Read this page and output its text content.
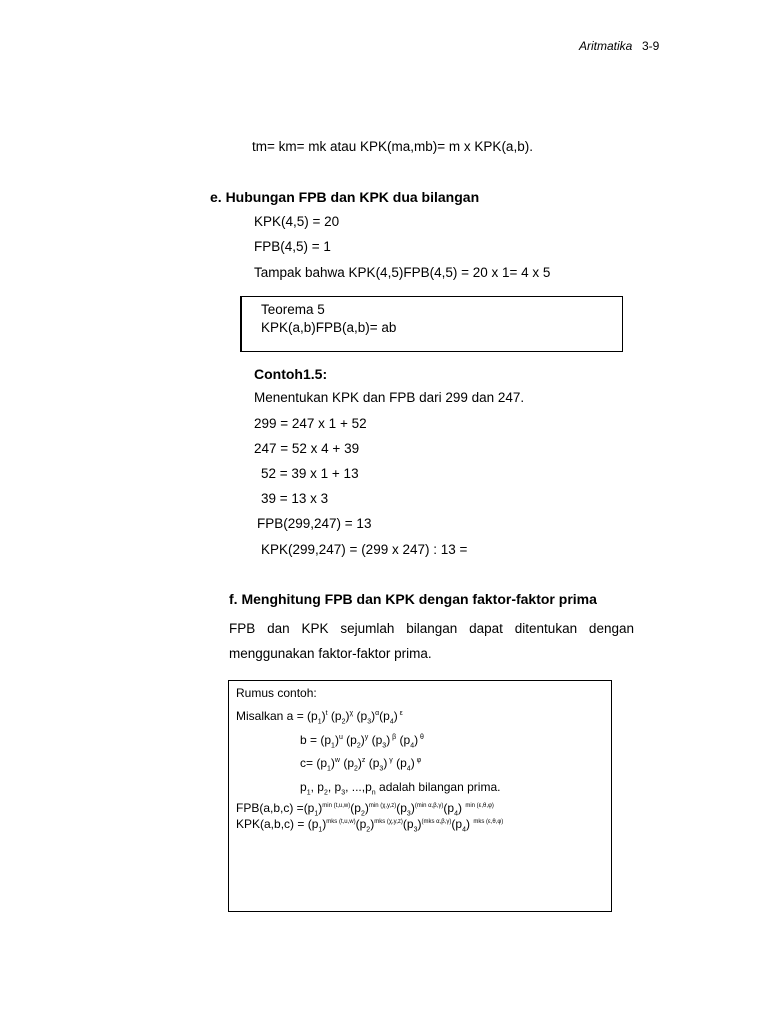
Aritmatika 3-9
tm= km= mk atau KPK(ma,mb)= m x KPK(a,b).
e. Hubungan FPB dan KPK dua bilangan
KPK(4,5) = 20
FPB(4,5) = 1
Tampak bahwa KPK(4,5)FPB(4,5) = 20 x 1= 4 x 5
Teorema 5
KPK(a,b)FPB(a,b)= ab
Contoh1.5:
Menentukan KPK dan FPB dari 299 dan 247.
299 = 247 x 1 + 52
247 = 52 x 4 + 39
52 = 39 x 1 + 13
39 = 13 x 3
FPB(299,247) = 13
KPK(299,247) = (299 x 247) : 13 =
f. Menghitung FPB dan KPK dengan faktor-faktor prima
FPB dan KPK sejumlah bilangan dapat ditentukan dengan menggunakan faktor-faktor prima.
Rumus contoh:
Misalkan $a = (p_1)^t$ $(p_2)^\chi$ $(p_3)^\alpha(p_4)$ $^\varepsilon$
$b = (p_1)^u$ $(p_2)^y$ $(p_3)$ $^\beta$ $(p_4)$ $^\theta$
$c= (p_1)^w$ $(p_2)^z$ $(p_3)$ $^\gamma$ $(p_4)$ $^\varphi$
$p_1$, $p_2$, $p_3$, $...,p_n$ adalah bilangan prima.
$FPB(a,b,c) =(p_1)^{min (t,u,w)}(p_2)^{min (\chi,y,z)}(p_3)^{(min \alpha,\beta,\gamma)}(p_4)$ $^{min (\varepsilon,\theta,\varphi)}$
$KPK(a,b,c) = (p_1)^{mks (t,u,w)}(p_2)^{mks (\chi,y,z)}(p_3)^{(mks \alpha,\beta,\gamma)}(p_4)$ $^{mks (\varepsilon,\theta,\varphi)}$
